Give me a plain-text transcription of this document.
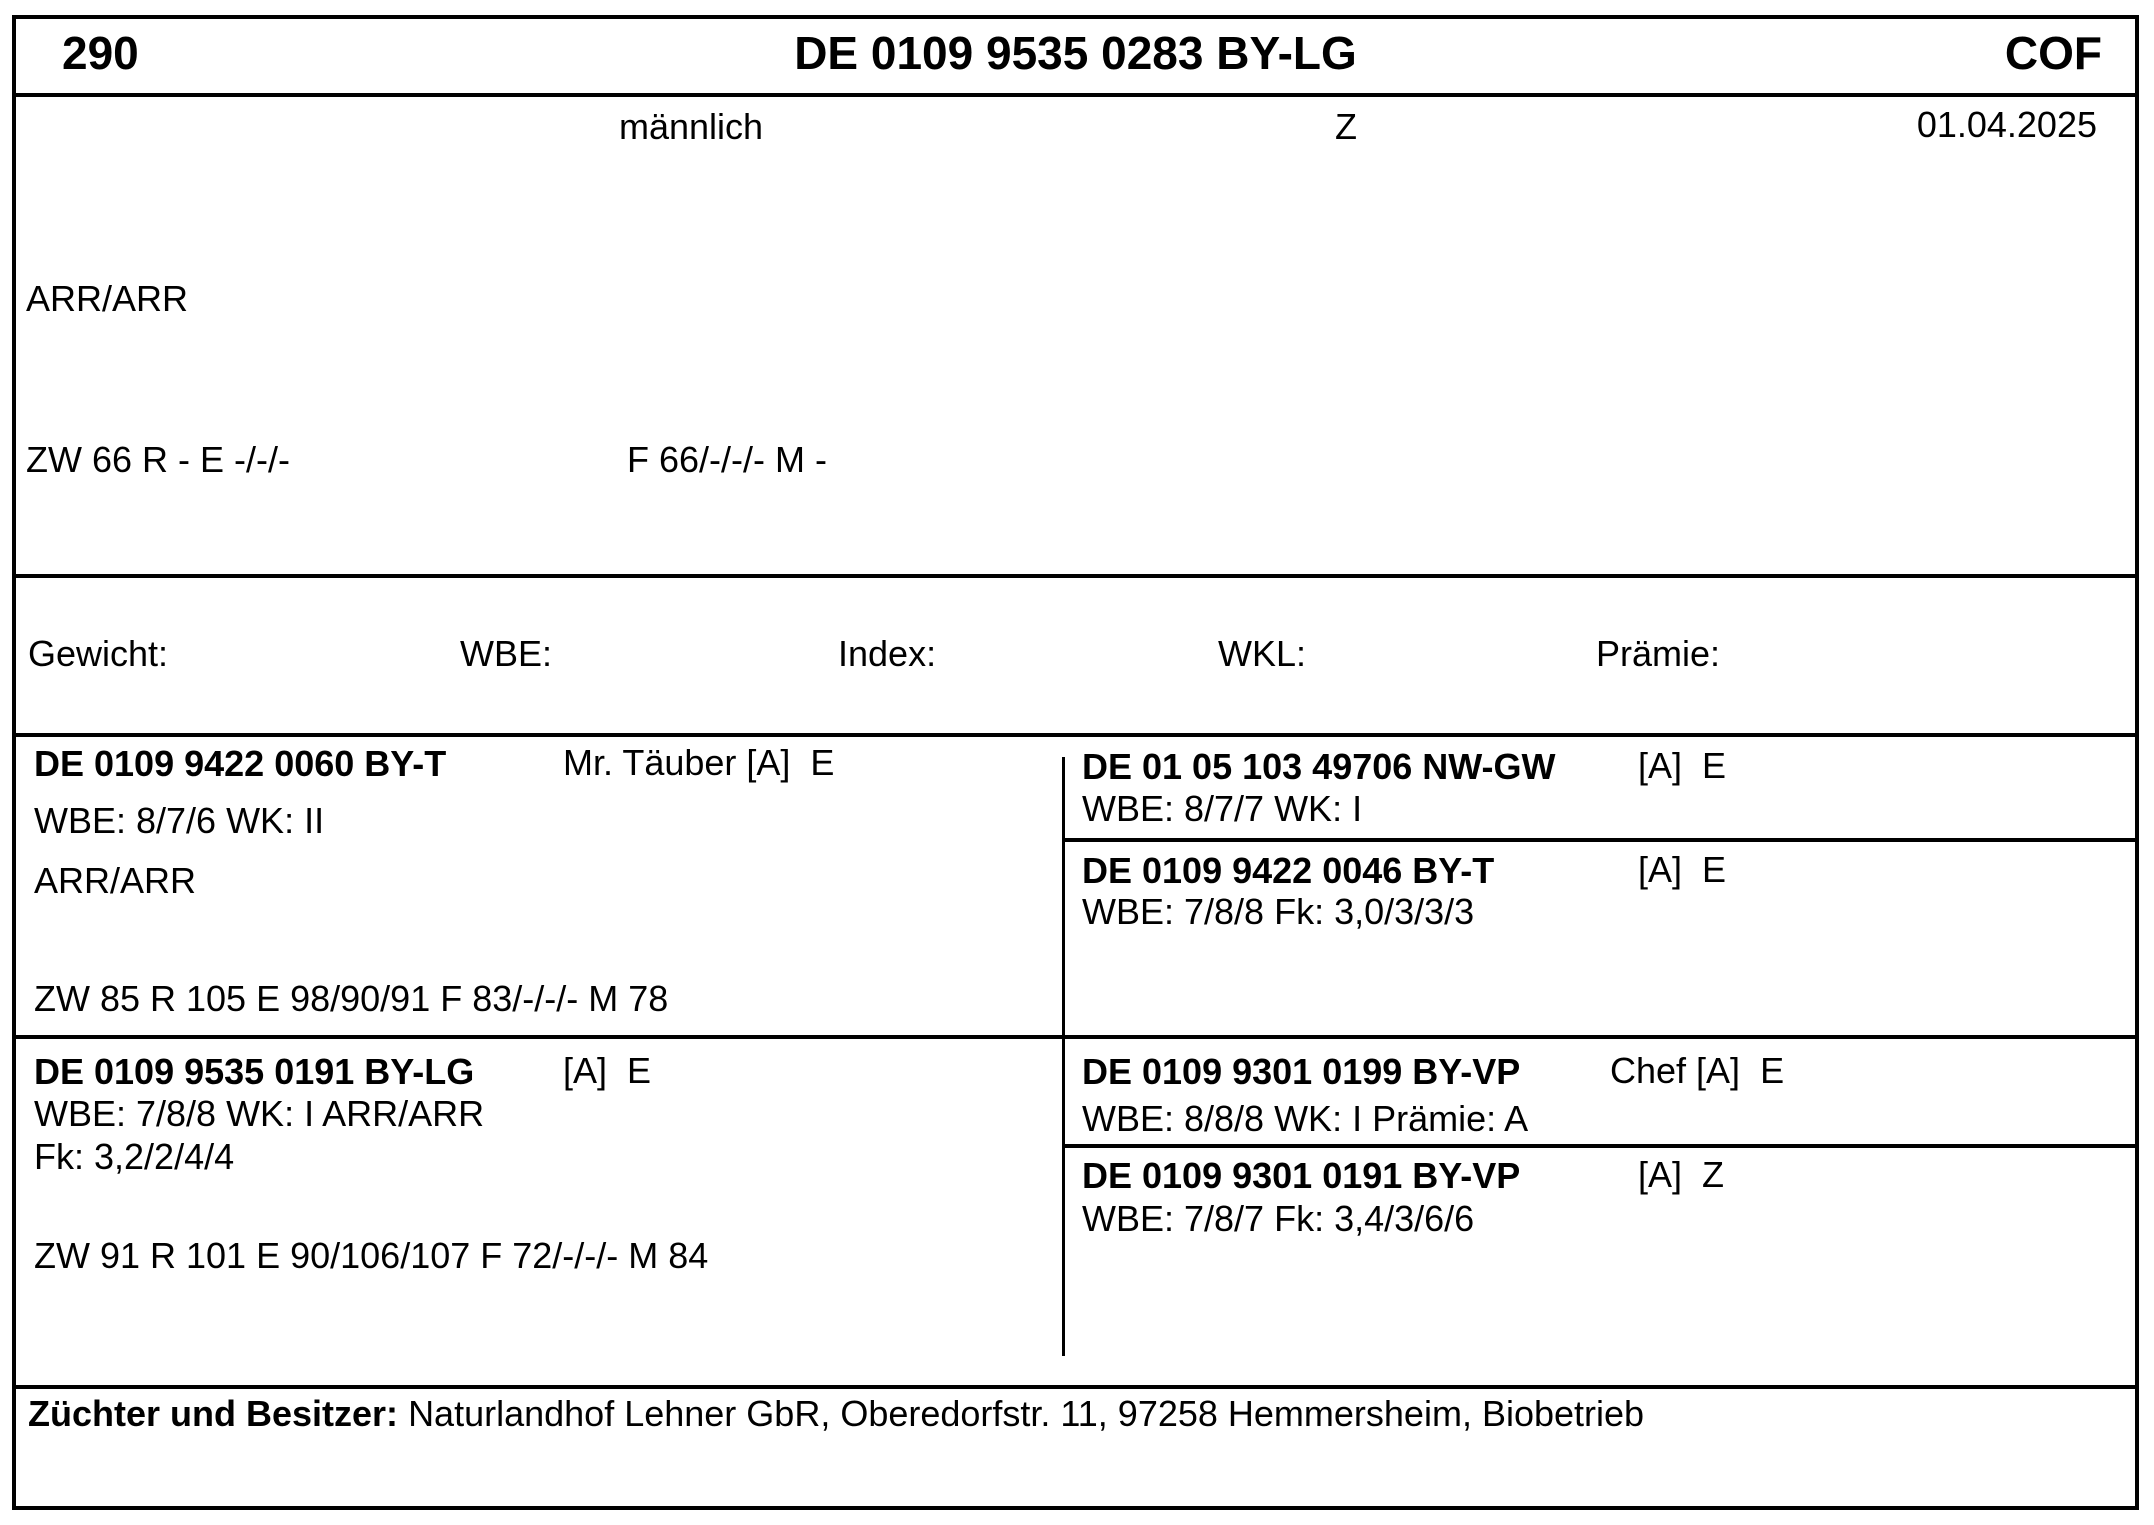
290	DE 0109 9535 0283 BY-LG	COF
männlich	Z	01.04.2025
ARR/ARR
ZW 66 R - E -/-/-	F 66/-/-/- M -
Gewicht:	WBE:	Index:	WKL:	Prämie:
DE 0109 9422 0060 BY-T	Mr. Täuber [A]  E
WBE: 8/7/6 WK: II
ARR/ARR
ZW 85 R 105 E 98/90/91 F 83/-/-/- M 78
DE 01 05 103 49706 NW-GW [A]  E
WBE: 8/7/7 WK: I
DE 0109 9422 0046 BY-T	[A]  E
WBE: 7/8/8 Fk: 3,0/3/3/3
DE 0109 9535 0191 BY-LG [A]  E
WBE: 7/8/8 WK: I ARR/ARR
Fk: 3,2/2/4/4
ZW 91 R 101 E 90/106/107 F 72/-/-/- M 84
DE 0109 9301 0199 BY-VP Chef [A]  E
WBE: 8/8/8 WK: I Prämie: A
DE 0109 9301 0191 BY-VP	[A]  Z
WBE: 7/8/7 Fk: 3,4/3/6/6
Züchter und Besitzer: Naturlandhof Lehner GbR, Oberedorfstr. 11, 97258 Hemmersheim, Biobetrieb
